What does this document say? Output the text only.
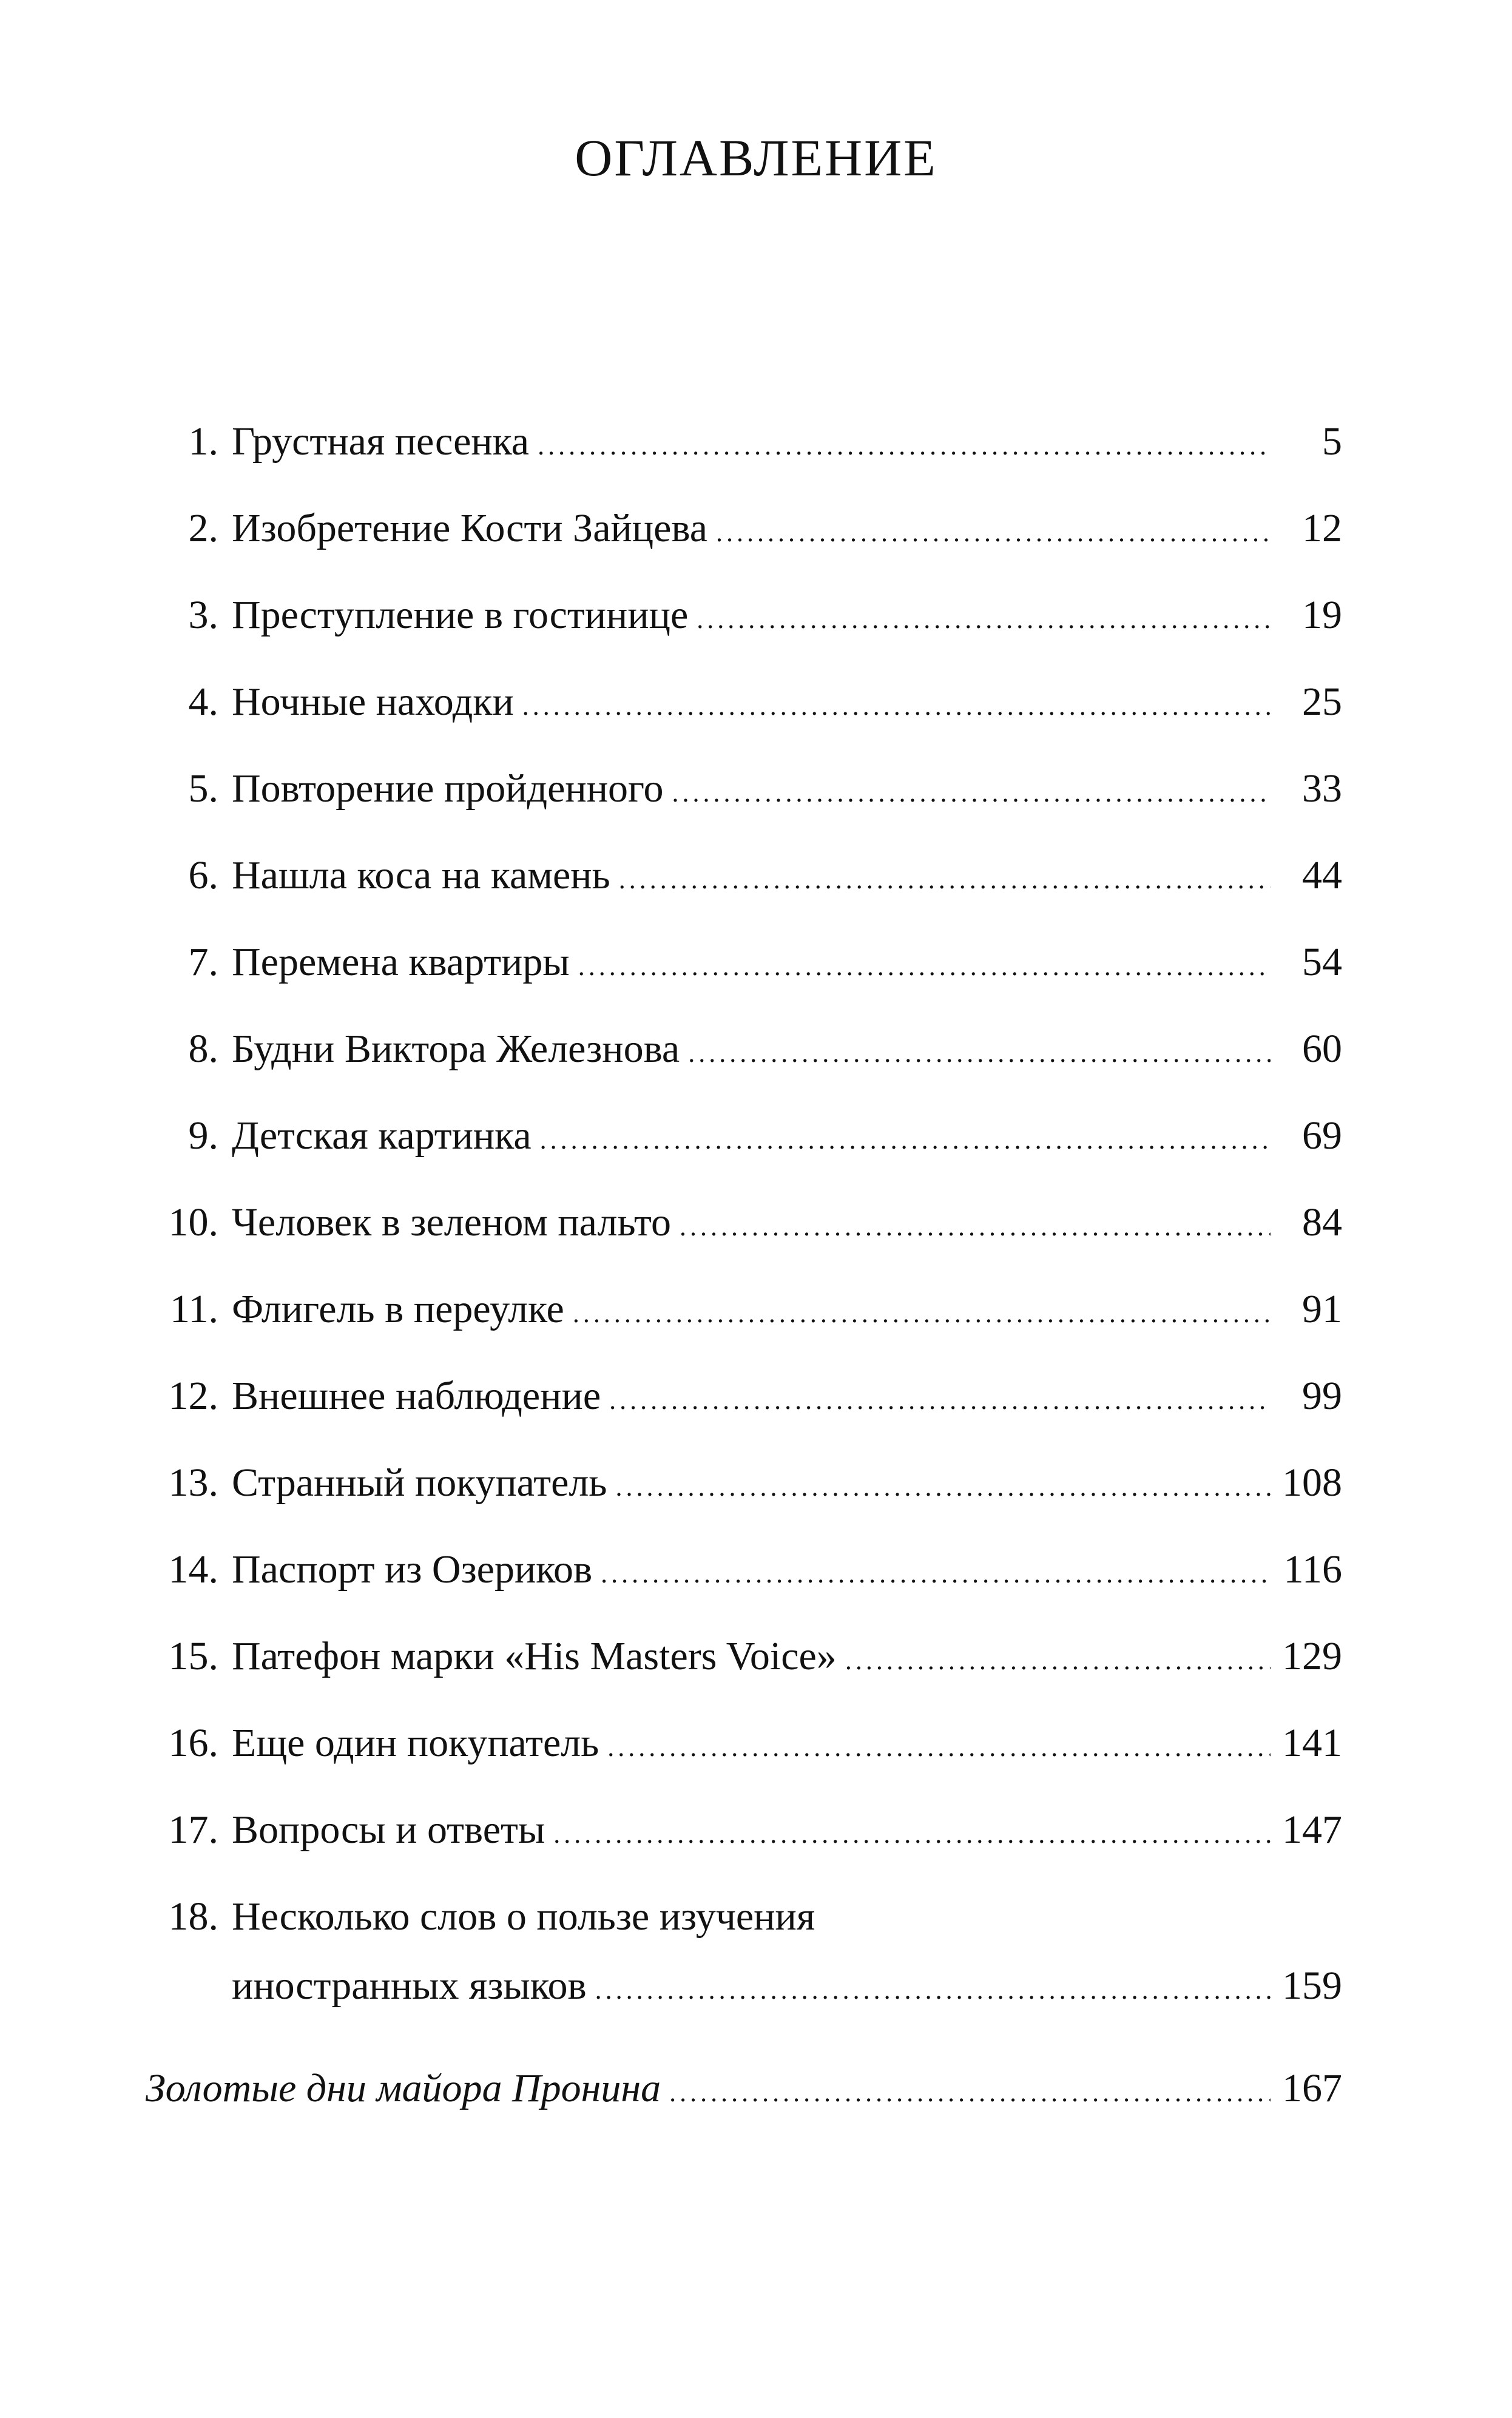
ОГЛАВЛЕНИЕ
1. Грустная песенка .....	5
2. Изобретение Кости Зайцева .....	12
3. Преступление в гостинице .....	19
4. Ночные находки .....	25
5. Повторение пройденного .....	33
6. Нашла коса на камень .....	44
7. Перемена квартиры .....	54
8. Будни Виктора Железнова .....	60
9. Детская картинка .....	69
10. Человек в зеленом пальто .....	84
11. Флигель в переулке .....	91
12. Внешнее наблюдение .....	99
13. Странный покупатель .....	108
14. Паспорт из Озериков .....	116
15. Патефон марки «His Masters Voice» .....	129
16. Еще один покупатель .....	141
17. Вопросы и ответы .....	147
18. Несколько слов о пользе изучения
иностранных языков .....	159
Золотые дни майора Пронина .....	167
